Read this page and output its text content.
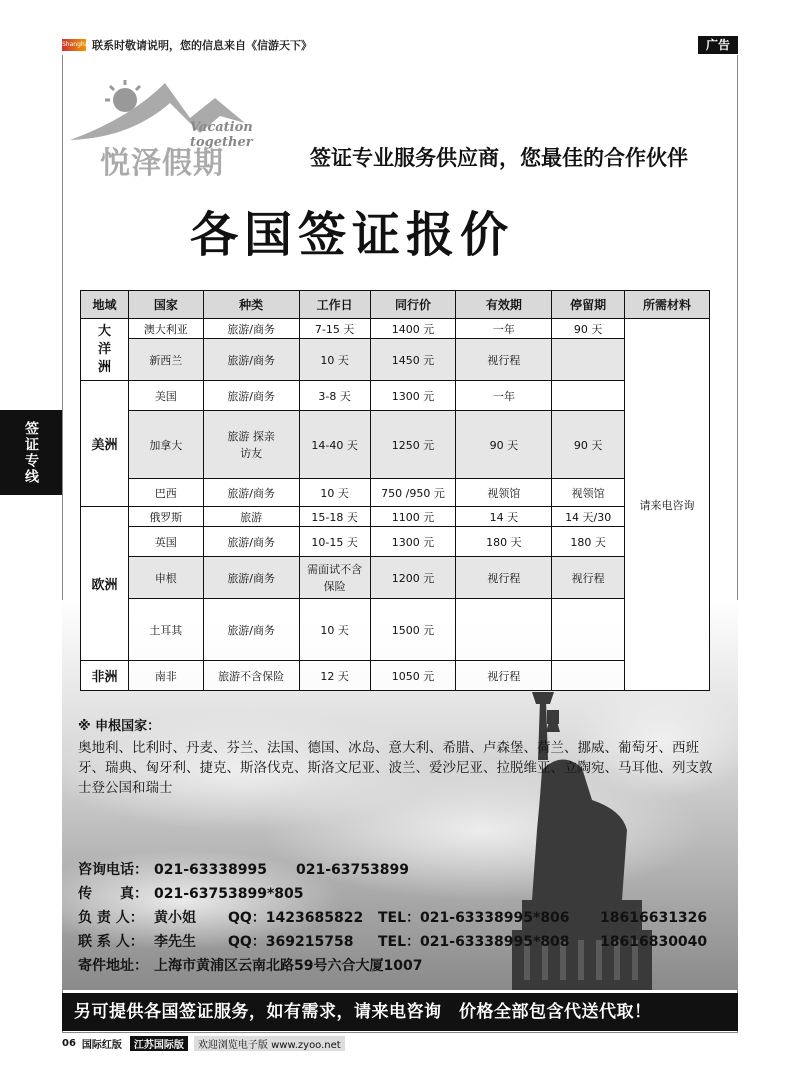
Shanghai 联系时敬请说明，您的信息来自《信游天下》	广告
签证专线
Vacation together
悦泽假期	签证专业服务供应商，您最佳的合作伙伴
各国签证报价
地域	国家	种类	工作日	同行价	有效期	停留期	所需材料
大洋洲	澳大利亚	旅游/商务	7-15 天	1400 元	一年	90 天	请来电咨询
	新西兰	旅游/商务	10 天	1450 元	视行程		
美洲	美国	旅游/商务	3-8 天	1300 元	一年		
	加拿大	旅游 探亲访友	14-40 天	1250 元	90 天	90 天	
	巴西	旅游/商务	10 天	750 /950 元	视领馆	视领馆	
欧洲	俄罗斯	旅游	15-18 天	1100 元	14 天	14 天/30	
	英国	旅游/商务	10-15 天	1300 元	180 天	180 天	
	申根	旅游/商务	需面试不含保险	1200 元	视行程	视行程	
	土耳其	旅游/商务	10 天	1500 元			
非洲	南非	旅游不含保险	12 天	1050 元	视行程		
※ 申根国家：
奥地利、比利时、丹麦、芬兰、法国、德国、冰岛、意大利、希腊、卢森堡、荷兰、挪威、葡萄牙、西班牙、瑞典、匈牙利、捷克、斯洛伐克、斯洛文尼亚、波兰、爱沙尼亚、拉脱维亚、立陶宛、马耳他、列支敦士登公国和瑞士
咨询电话： 021-63338995 021-63753899
传　　真： 021-63753899*805
负 责 人： 黄小姐 QQ：1423685822 TEL：021-63338995*806 18616631326
联 系 人： 李先生 QQ：369215758 TEL：021-63338995*808 18616830040
寄件地址： 上海市黄浦区云南北路59号六合大厦1007
另可提供各国签证服务，如有需求，请来电咨询　价格全部包含代送代取！
06 国际红版	江苏国际版	欢迎浏览电子版 www.zyoo.net
